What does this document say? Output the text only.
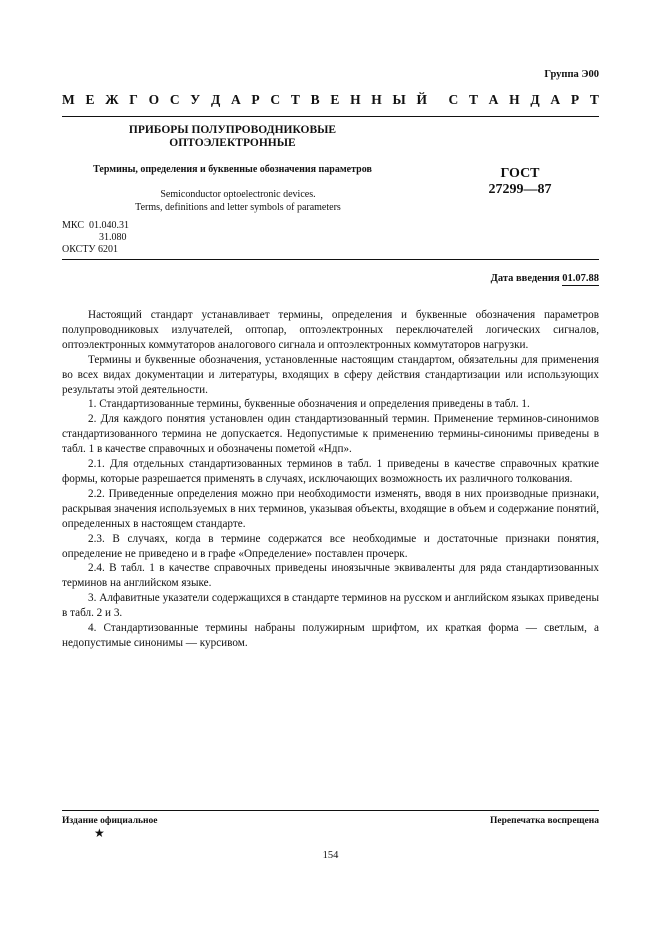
Группа Э00
М Е Ж Г О С У Д А Р С Т В Е Н Н Ы Й С Т А Н Д А Р Т
ПРИБОРЫ ПОЛУПРОВОДНИКОВЫЕ
ОПТОЭЛЕКТРОННЫЕ
Термины, определения и буквенные обозначения параметров
Semiconductor optoelectronic devices.
Terms, definitions and letter symbols of parameters
ГОСТ
27299—87
МКС 01.040.31
31.080
ОКСТУ 6201
Дата введения 01.07.88

Настоящий стандарт устанавливает термины, определения и буквенные обозначения параметров полупроводниковых излучателей, оптопар, оптоэлектронных переключателей логических сигналов, оптоэлектронных коммутаторов аналогового сигнала и оптоэлектронных коммутаторов нагрузки.

Термины и буквенные обозначения, установленные настоящим стандартом, обязательны для применения во всех видах документации и литературы, входящих в сферу действия стандартизации или использующих результаты этой деятельности.

1. Стандартизованные термины, буквенные обозначения и определения приведены в табл. 1.

2. Для каждого понятия установлен один стандартизованный термин. Применение терминов-синонимов стандартизованного термина не допускается. Недопустимые к применению термины-синонимы приведены в табл. 1 в качестве справочных и обозначены пометой «Ндп».

2.1. Для отдельных стандартизованных терминов в табл. 1 приведены в качестве справочных краткие формы, которые разрешается применять в случаях, исключающих возможность их различного толкования.

2.2. Приведенные определения можно при необходимости изменять, вводя в них производные признаки, раскрывая значения используемых в них терминов, указывая объекты, входящие в объем и содержание понятий, определенных в настоящем стандарте.

2.3. В случаях, когда в термине содержатся все необходимые и достаточные признаки понятия, определение не приведено и в графе «Определение» поставлен прочерк.

2.4. В табл. 1 в качестве справочных приведены иноязычные эквиваленты для ряда стандартизованных терминов на английском языке.

3. Алфавитные указатели содержащихся в стандарте терминов на русском и английском языках приведены в табл. 2 и 3.

4. Стандартизованные термины набраны полужирным шрифтом, их краткая форма — светлым, а недопустимые синонимы — курсивом.

Издание официальное	Перепечатка воспрещена
★
154
